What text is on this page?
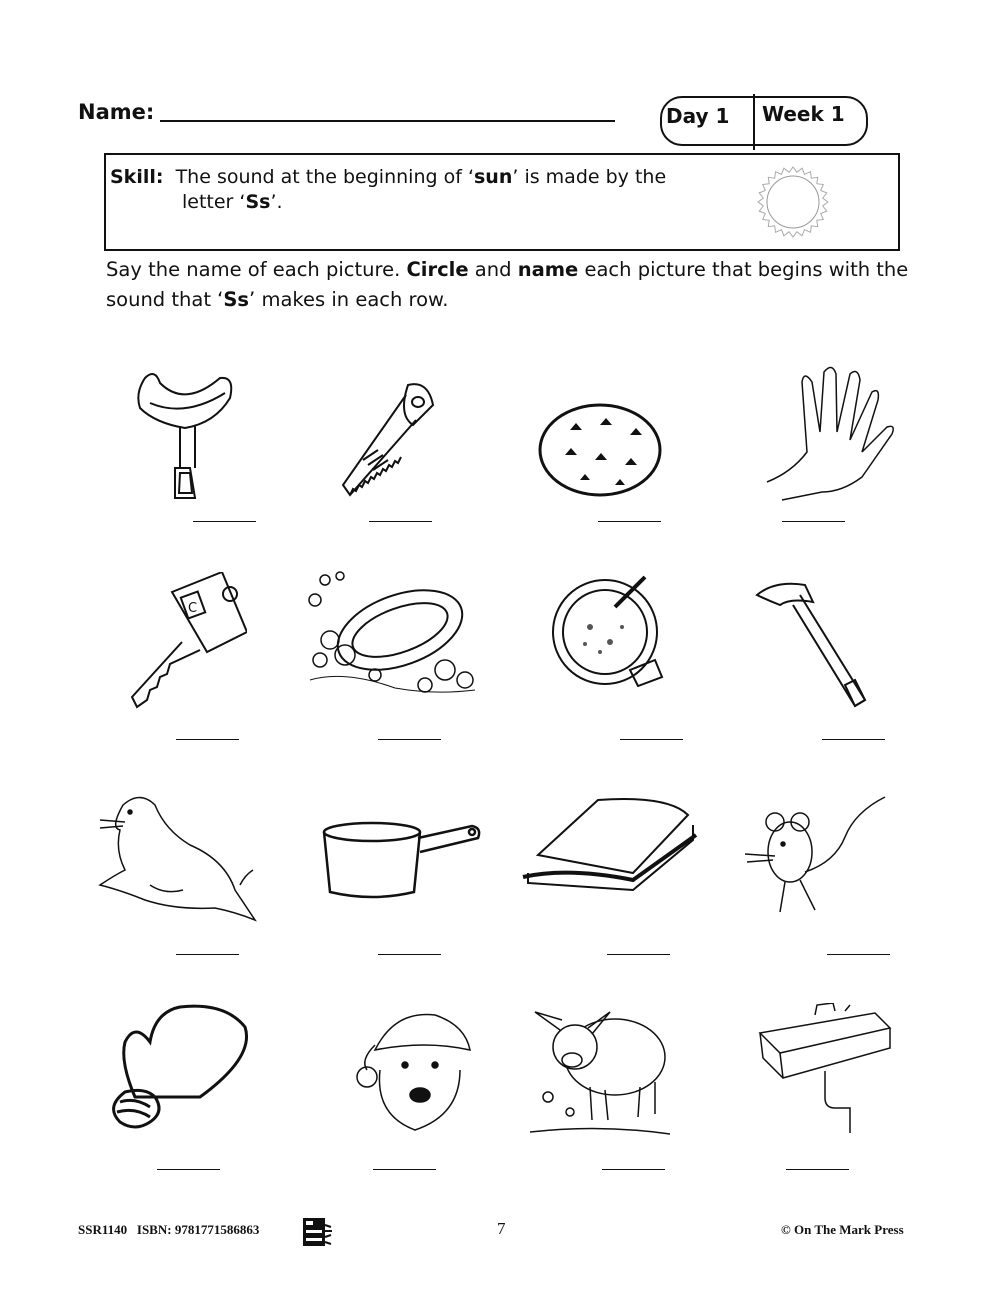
Name:	Day 1 Week 1
Skill: The sound at the beginning of ‘sun’ is made by the
letter ‘Ss’.
Say the name of each picture. Circle and name each picture that begins with the sound that ‘Ss’ makes in each row.
C
SSR1140 ISBN: 9781771586863	7	© On The Mark Press
